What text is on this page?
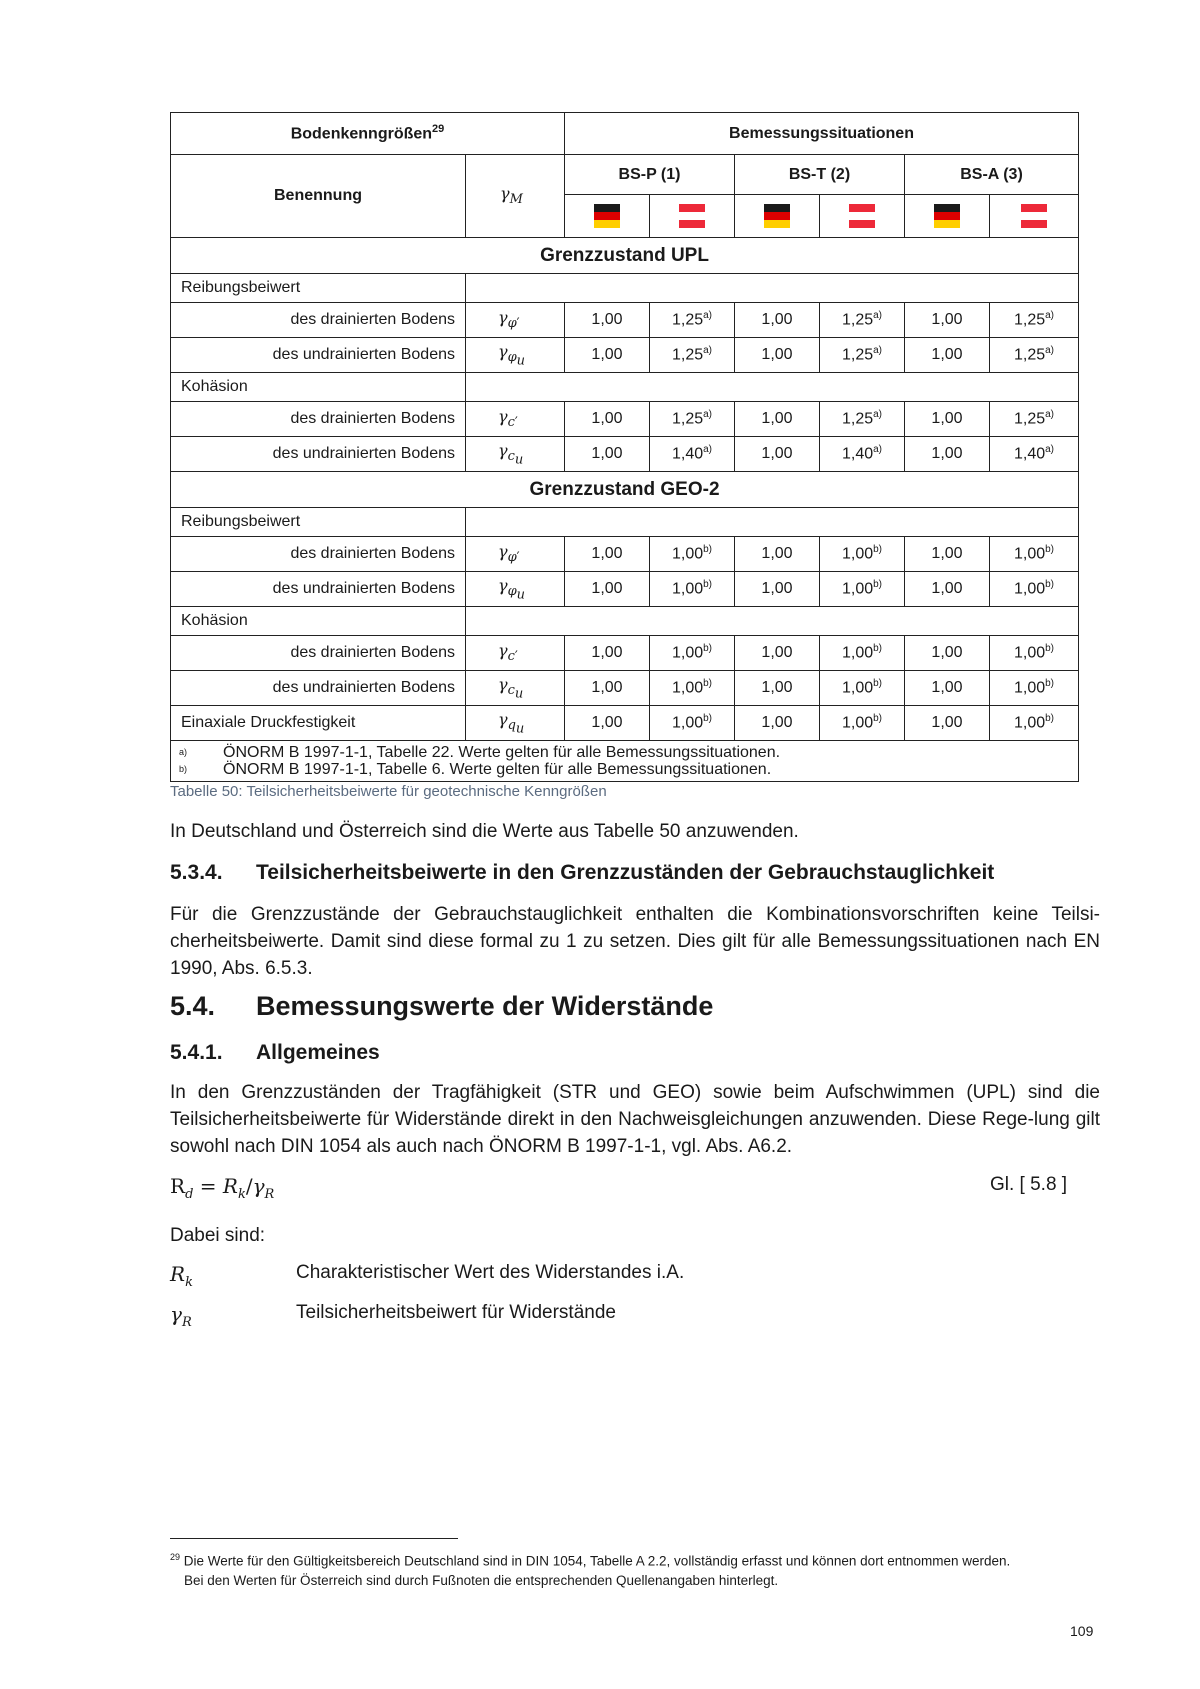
Bodenkenngrößen$^{29}$		Bemessungssituationen					
Benennung	$\gamma_M$	BS-P (1)		BS-T (2)		BS-A (3)	

Grenzzustand UPL							
Reibungsbeiwert							
des drainierten Bodens	$\gamma_{\varphi'}$	1,00	1,25$^{a)}$	1,00	1,25$^{a)}$	1,00	1,25$^{a)}$
des undrainierten Bodens	$\gamma_{\varphi_u}$	1,00	1,25$^{a)}$	1,00	1,25$^{a)}$	1,00	1,25$^{a)}$
Kohäsion							
des drainierten Bodens	$\gamma_{c'}$	1,00	1,25$^{a)}$	1,00	1,25$^{a)}$	1,00	1,25$^{a)}$
des undrainierten Bodens	$\gamma_{c_u}$	1,00	1,40$^{a)}$	1,00	1,40$^{a)}$	1,00	1,40$^{a)}$
Grenzzustand GEO-2							
Reibungsbeiwert							
des drainierten Bodens	$\gamma_{\varphi'}$	1,00	1,00$^{b)}$	1,00	1,00$^{b)}$	1,00	1,00$^{b)}$
des undrainierten Bodens	$\gamma_{\varphi_u}$	1,00	1,00$^{b)}$	1,00	1,00$^{b)}$	1,00	1,00$^{b)}$
Kohäsion							
des drainierten Bodens	$\gamma_{c'}$	1,00	1,00$^{b)}$	1,00	1,00$^{b)}$	1,00	1,00$^{b)}$
des undrainierten Bodens	$\gamma_{c_u}$	1,00	1,00$^{b)}$	1,00	1,00$^{b)}$	1,00	1,00$^{b)}$
Einaxiale Druckfestigkeit	$\gamma_{q_u}$	1,00	1,00$^{b)}$	1,00	1,00$^{b)}$	1,00	1,00$^{b)}$

a) ÖNORM B 1997-1-1, Tabelle 22. Werte gelten für alle Bemessungssituationen.
b) ÖNORM B 1997-1-1, Tabelle 6. Werte gelten für alle Bemessungssituationen.							
Tabelle 50: Teilsicherheitsbeiwerte für geotechnische Kenngrößen
In Deutschland und Österreich sind die Werte aus Tabelle 50 anzuwenden.
5.3.4. Teilsicherheitsbeiwerte in den Grenzzuständen der Gebrauchstauglichkeit
Für die Grenzzustände der Gebrauchstauglichkeit enthalten die Kombinationsvorschriften keine Teilsi-cherheitsbeiwerte. Damit sind diese formal zu 1 zu setzen. Dies gilt für alle Bemessungssituationen nach EN 1990, Abs. 6.5.3.
5.4. Bemessungswerte der Widerstände
5.4.1. Allgemeines
In den Grenzzuständen der Tragfähigkeit (STR und GEO) sowie beim Aufschwimmen (UPL) sind die Teilsicherheitsbeiwerte für Widerstände direkt in den Nachweisgleichungen anzuwenden. Diese Rege-lung gilt sowohl nach DIN 1054 als auch nach ÖNORM B 1997-1-1, vgl. Abs. A6.2.
$R_d = R_k/\gamma_R$	Gl. [ 5.8 ]
Dabei sind:
$R_k$	Charakteristischer Wert des Widerstandes i.A.
$\gamma_R$	Teilsicherheitsbeiwert für Widerstände
$^{29}$ Die Werte für den Gültigkeitsbereich Deutschland sind in DIN 1054, Tabelle A 2.2, vollständig erfasst und können dort entnommen werden.
Bei den Werten für Österreich sind durch Fußnoten die entsprechenden Quellenangaben hinterlegt.
109
